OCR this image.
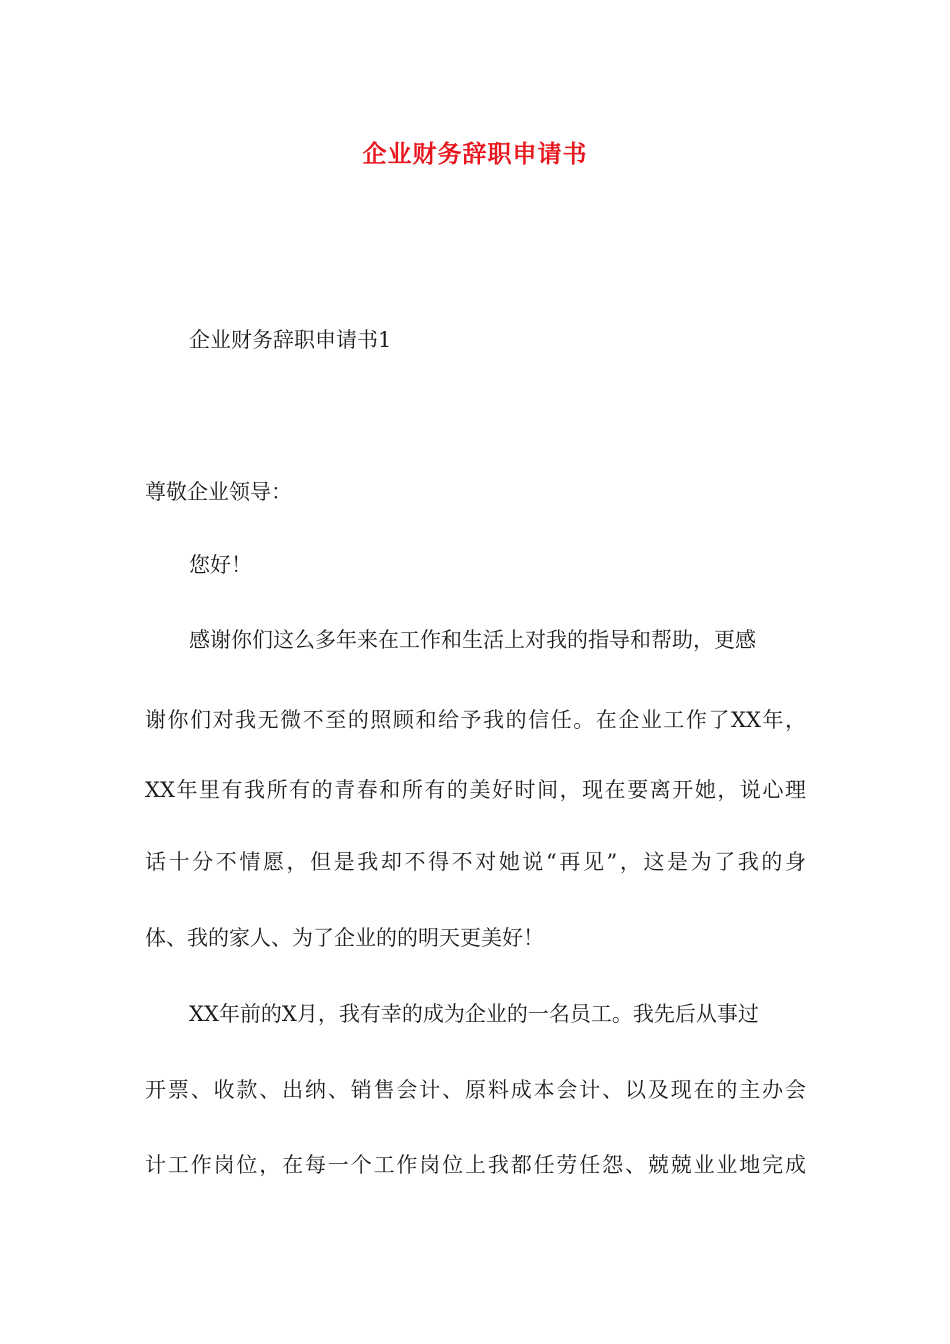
企业财务辞职申请书
企业财务辞职申请书1
尊敬企业领导：
您好！
感谢你们这么多年来在工作和生活上对我的指导和帮助，更感
谢你们对我无微不至的照顾和给予我的信任。在企业工作了XX年，
XX年里有我所有的青春和所有的美好时间，现在要离开她，说心理
话十分不情愿，但是我却不得不对她说“再见”，这是为了我的身
体、我的家人、为了企业的的明天更美好！
XX年前的X月，我有幸的成为企业的一名员工。我先后从事过
开票、收款、出纳、销售会计、原料成本会计、以及现在的主办会
计工作岗位，在每一个工作岗位上我都任劳任怨、兢兢业业地完成
